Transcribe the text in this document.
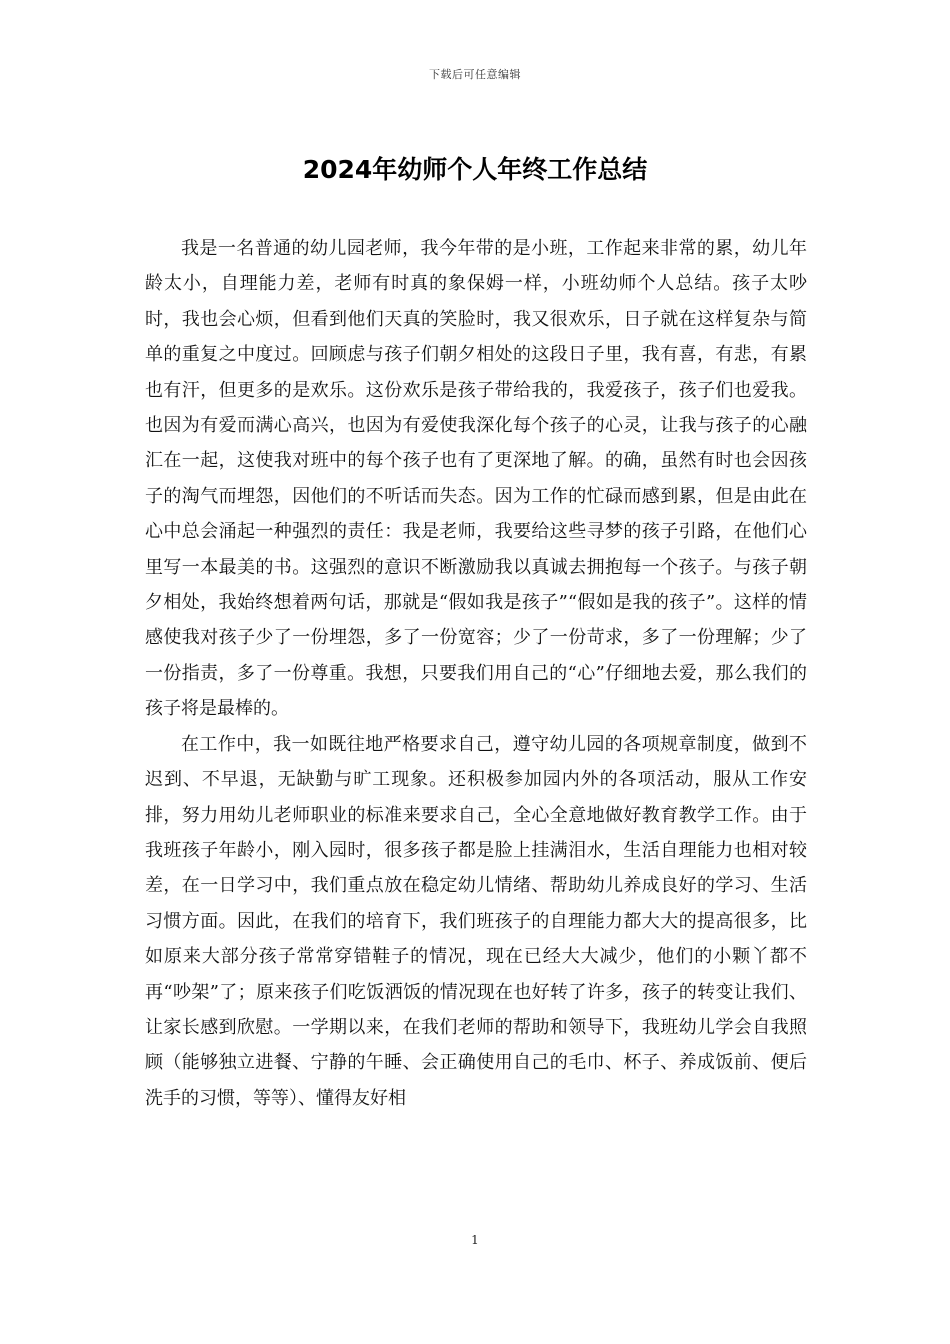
下载后可任意编辑
2024年幼师个人年终工作总结

我是一名普通的幼儿园老师，我今年带的是小班，工作起来非常的累，幼儿年龄太小，自理能力差，老师有时真的象保姆一样，小班幼师个人总结。孩子太吵时，我也会心烦，但看到他们天真的笑脸时，我又很欢乐，日子就在这样复杂与简单的重复之中度过。回顾虑与孩子们朝夕相处的这段日子里，我有喜，有悲，有累也有汗，但更多的是欢乐。这份欢乐是孩子带给我的，我爱孩子，孩子们也爱我。也因为有爱而满心高兴，也因为有爱使我深化每个孩子的心灵，让我与孩子的心融汇在一起，这使我对班中的每个孩子也有了更深地了解。的确，虽然有时也会因孩子的淘气而埋怨，因他们的不听话而失态。因为工作的忙碌而感到累，但是由此在心中总会涌起一种强烈的责任：我是老师，我要给这些寻梦的孩子引路，在他们心里写一本最美的书。这强烈的意识不断激励我以真诚去拥抱每一个孩子。与孩子朝夕相处，我始终想着两句话，那就是“假如我是孩子”“假如是我的孩子”。这样的情感使我对孩子少了一份埋怨，多了一份宽容；少了一份苛求，多了一份理解；少了一份指责，多了一份尊重。我想，只要我们用自己的“心”仔细地去爱，那么我们的孩子将是最棒的。

在工作中，我一如既往地严格要求自己，遵守幼儿园的各项规章制度，做到不迟到、不早退，无缺勤与旷工现象。还积极参加园内外的各项活动，服从工作安排，努力用幼儿老师职业的标准来要求自己，全心全意地做好教育教学工作。由于我班孩子年龄小，刚入园时，很多孩子都是脸上挂满泪水，生活自理能力也相对较差，在一日学习中，我们重点放在稳定幼儿情绪、帮助幼儿养成良好的学习、生活习惯方面。因此，在我们的培育下，我们班孩子的自理能力都大大的提高很多，比如原来大部分孩子常常穿错鞋子的情况，现在已经大大减少，他们的小颗丫都不再“吵架”了；原来孩子们吃饭洒饭的情况现在也好转了许多，孩子的转变让我们、让家长感到欣慰。一学期以来，在我们老师的帮助和领导下，我班幼儿学会自我照顾（能够独立进餐、宁静的午睡、会正确使用自己的毛巾、杯子、养成饭前、便后洗手的习惯，等等）、懂得友好相

1
